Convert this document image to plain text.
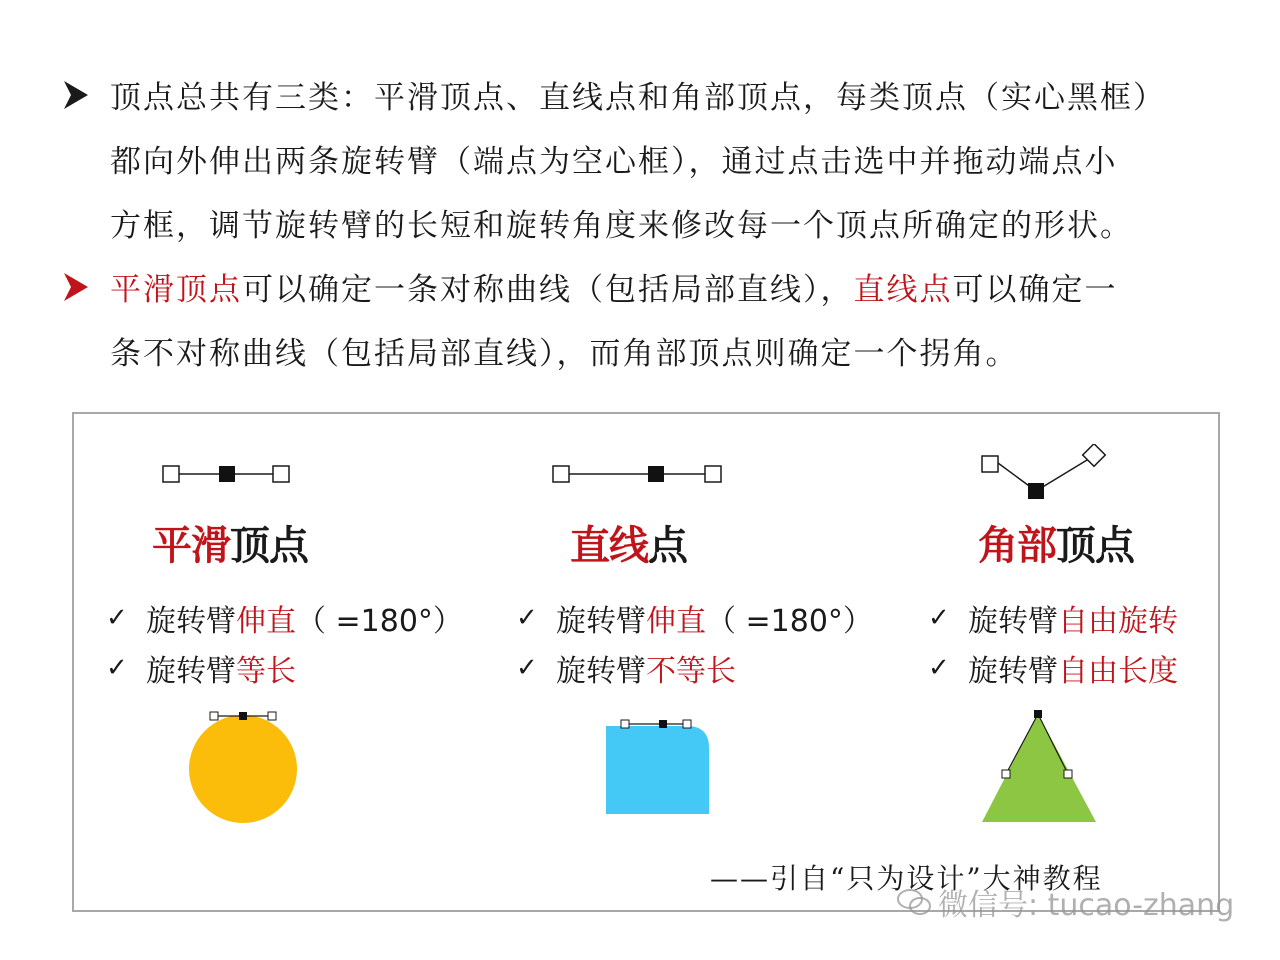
顶点总共有三类：平滑顶点、直线点和角部顶点，每类顶点（实心黑框）
都向外伸出两条旋转臂（端点为空心框），通过点击选中并拖动端点小
方框，调节旋转臂的长短和旋转角度来修改每一个顶点所确定的形状。
平滑顶点可以确定一条对称曲线（包括局部直线），直线点可以确定一
条不对称曲线（包括局部直线），而角部顶点则确定一个拐角。
平滑顶点
✓ 旋转臂 伸直 （ =180°）
✓ 旋转臂 等长
直线点
✓ 旋转臂 伸直 （ =180°）
✓ 旋转臂 不等长
角部顶点
✓ 旋转臂 自由旋转
✓ 旋转臂 自由长度
——引自“只为设计”大神教程
微信号: tucao-zhang
